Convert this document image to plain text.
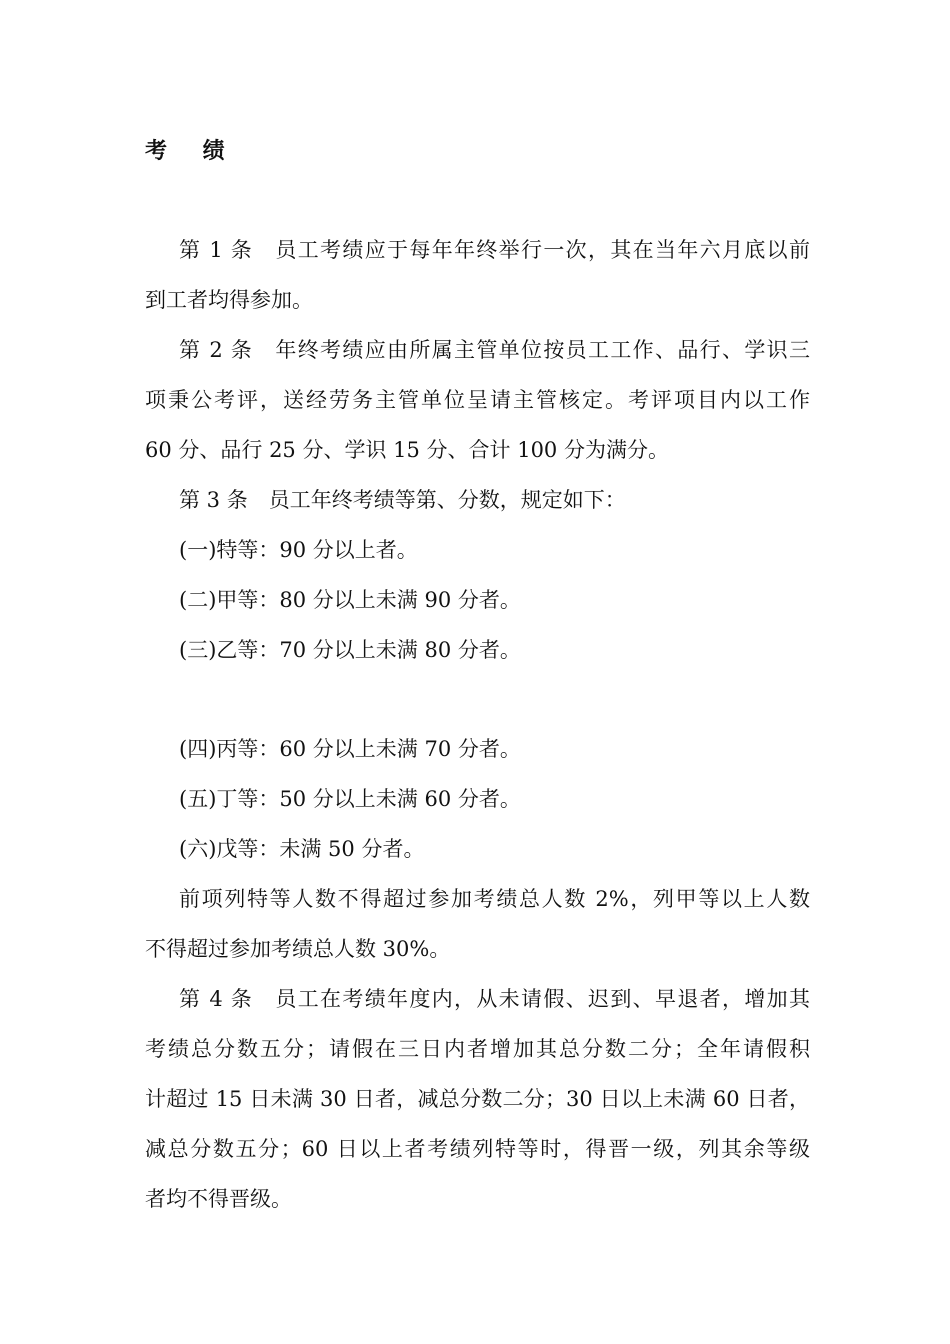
考 绩

第 1 条　员工考绩应于每年年终举行一次，其在当年六月底以前

到工者均得参加。

第 2 条　年终考绩应由所属主管单位按员工工作、品行、学识三

项秉公考评，送经劳务主管单位呈请主管核定。考评项目内以工作

60 分、品行 25 分、学识 15 分、合计 100 分为满分。

第 3 条　员工年终考绩等第、分数，规定如下：

(一)特等：90 分以上者。

(二)甲等：80 分以上未满 90 分者。

(三)乙等：70 分以上未满 80 分者。

(四)丙等：60 分以上未满 70 分者。

(五)丁等：50 分以上未满 60 分者。

(六)戊等：未满 50 分者。

前项列特等人数不得超过参加考绩总人数 2%，列甲等以上人数

不得超过参加考绩总人数 30%。

第 4 条　员工在考绩年度内，从未请假、迟到、早退者，增加其

考绩总分数五分；请假在三日内者增加其总分数二分；全年请假积

计超过 15 日未满 30 日者，减总分数二分；30 日以上未满 60 日者，

减总分数五分；60 日以上者考绩列特等时，得晋一级，列其余等级

者均不得晋级。
